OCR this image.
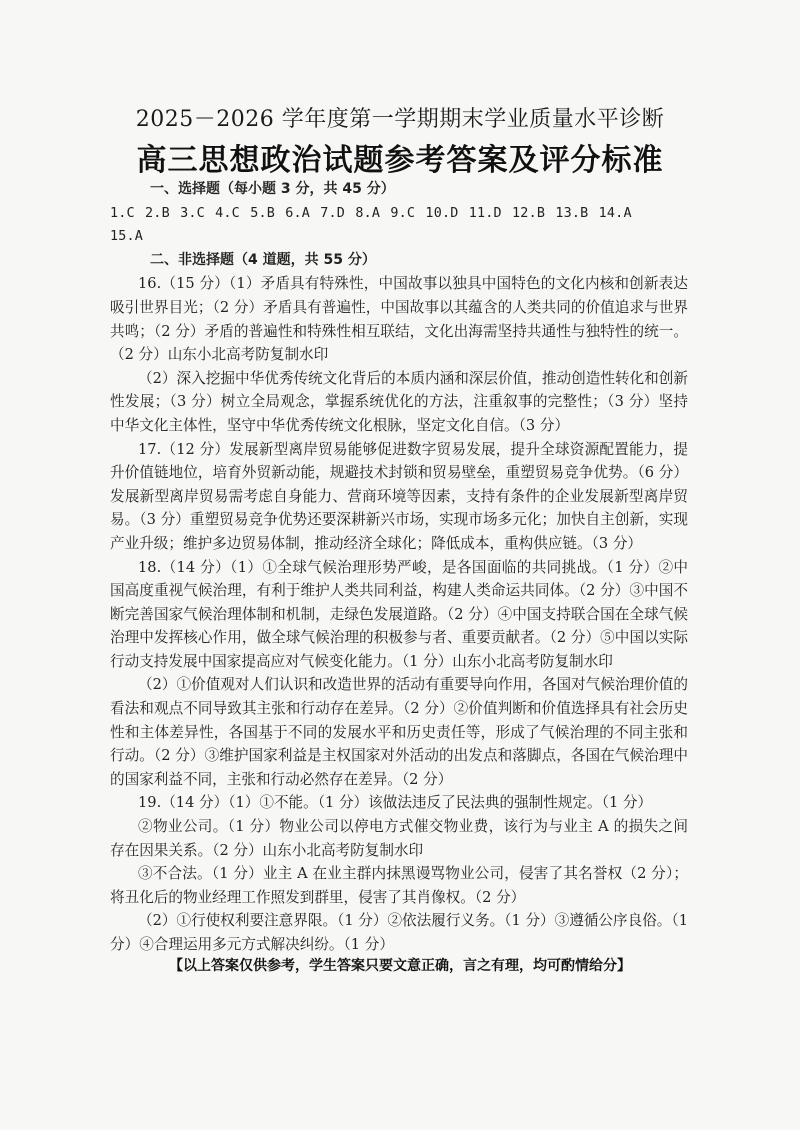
2025－2026 学年度第一学期期末学业质量水平诊断
高三思想政治试题参考答案及评分标准

一、选择题（每小题 3 分，共 45 分）

1.C 2.B 3.C 4.C 5.B 6.A 7.D 8.A 9.C 10.D 11.D 12.B 13.B 14.A

15.A

二、非选择题（4 道题，共 55 分）

16.（15 分）（1）矛盾具有特殊性，中国故事以独具中国特色的文化内核和创新表达吸引世界目光；（2 分）矛盾具有普遍性，中国故事以其蕴含的人类共同的价值追求与世界共鸣；（2 分）矛盾的普遍性和特殊性相互联结，文化出海需坚持共通性与独特性的统一。（2 分）山东小北高考防复制水印

（2）深入挖掘中华优秀传统文化背后的本质内涵和深层价值，推动创造性转化和创新性发展；（3 分）树立全局观念，掌握系统优化的方法，注重叙事的完整性；（3 分）坚持中华文化主体性，坚守中华优秀传统文化根脉，坚定文化自信。（3 分）

17.（12 分）发展新型离岸贸易能够促进数字贸易发展，提升全球资源配置能力，提升价值链地位，培育外贸新动能，规避技术封锁和贸易壁垒，重塑贸易竞争优势。（6 分）发展新型离岸贸易需考虑自身能力、营商环境等因素，支持有条件的企业发展新型离岸贸易。（3 分）重塑贸易竞争优势还要深耕新兴市场，实现市场多元化；加快自主创新，实现产业升级；维护多边贸易体制，推动经济全球化；降低成本，重构供应链。（3 分）

18.（14 分）（1）①全球气候治理形势严峻，是各国面临的共同挑战。（1 分）②中国高度重视气候治理，有利于维护人类共同利益，构建人类命运共同体。（2 分）③中国不断完善国家气候治理体制和机制，走绿色发展道路。（2 分）④中国支持联合国在全球气候治理中发挥核心作用，做全球气候治理的积极参与者、重要贡献者。（2 分）⑤中国以实际行动支持发展中国家提高应对气候变化能力。（1 分）山东小北高考防复制水印

（2）①价值观对人们认识和改造世界的活动有重要导向作用，各国对气候治理价值的看法和观点不同导致其主张和行动存在差异。（2 分）②价值判断和价值选择具有社会历史性和主体差异性，各国基于不同的发展水平和历史责任等，形成了气候治理的不同主张和行动。（2 分）③维护国家利益是主权国家对外活动的出发点和落脚点，各国在气候治理中的国家利益不同，主张和行动必然存在差异。（2 分）

19.（14 分）（1）①不能。（1 分）该做法违反了民法典的强制性规定。（1 分）

②物业公司。（1 分）物业公司以停电方式催交物业费，该行为与业主 A 的损失之间存在因果关系。（2 分）山东小北高考防复制水印

③不合法。（1 分）业主 A 在业主群内抹黑谩骂物业公司，侵害了其名誉权（2 分）；将丑化后的物业经理工作照发到群里，侵害了其肖像权。（2 分）

（2）①行使权利要注意界限。（1 分）②依法履行义务。（1 分）③遵循公序良俗。（1 分）④合理运用多元方式解决纠纷。（1 分）

【以上答案仅供参考，学生答案只要文意正确，言之有理，均可酌情给分】
